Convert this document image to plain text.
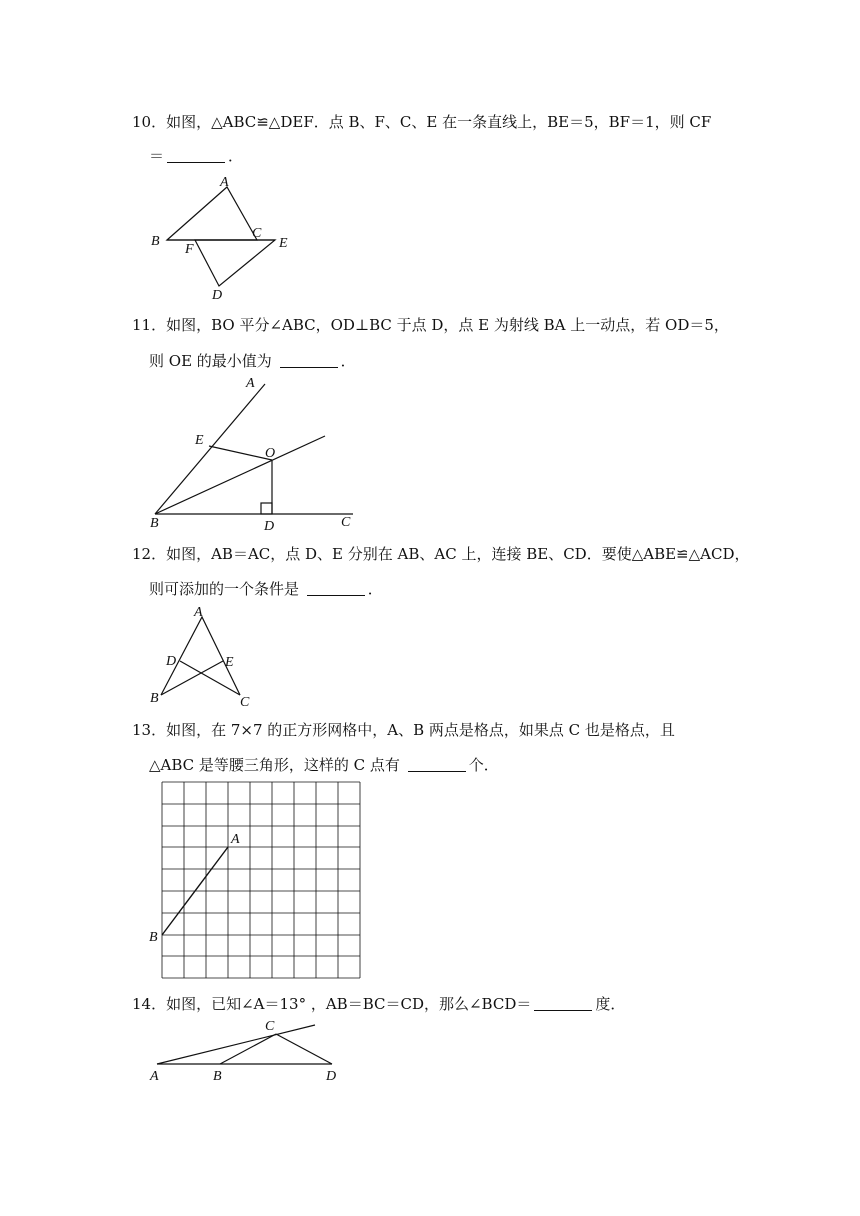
10．如图，△ABC≌△DEF．点 B、F、C、E 在一条直线上，BE＝5，BF＝1，则 CF
＝	．
A
B
C
E
F
D
11．如图，BO 平分∠ABC，OD⊥BC 于点 D，点 E 为射线 BA 上一动点，若 OD＝5，
则 OE 的最小值为	．
A
E
O
B	D	C
12．如图，AB＝AC，点 D、E 分别在 AB、AC 上，连接 BE、CD．要使△ABE≌△ACD，
则可添加的一个条件是	．
A
D	E
B	C
13．如图，在 7×7 的正方形网格中，A、B 两点是格点，如果点 C 也是格点，且
△ABC 是等腰三角形，这样的 C 点有	个．
A
B
14．如图，已知∠A＝13° ，AB＝BC＝CD，那么∠BCD＝	度．
C
A	B	D
